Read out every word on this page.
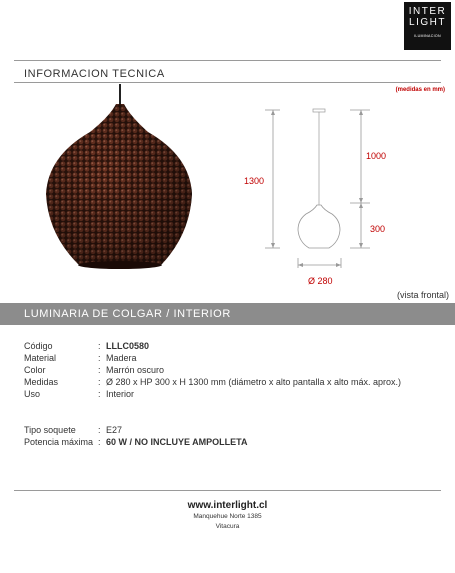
INTER
LIGHT
ILUMINACION
INFORMACION TECNICA
(medidas en mm)
1300
1000
300
Ø 280
(vista frontal)
LUMINARIA DE COLGAR / INTERIOR
Código	: LLLC0580
Material	: Madera
Color	: Marrón oscuro
Medidas	: Ø 280 x HP 300 x H 1300 mm (diámetro x alto pantalla x alto máx. aprox.)
Uso	: Interior
Tipo soquete	: E27
Potencia máxima : 60 W / NO INCLUYE AMPOLLETA
www.interlight.cl
Manquehue Norte 1385
Vitacura
